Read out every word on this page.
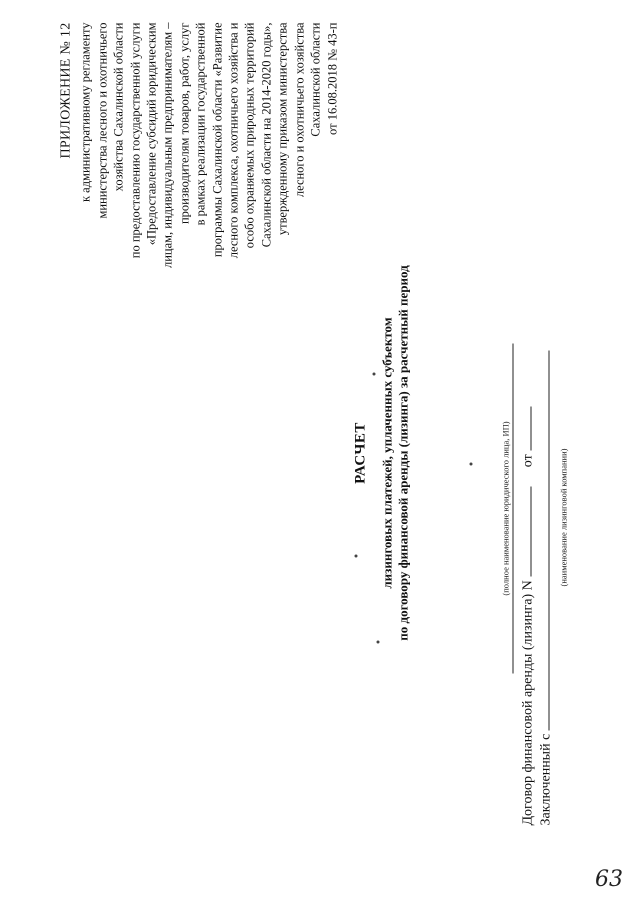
63
ПРИЛОЖЕНИЕ № 12 к административному регламенту министерства лесного и охотничьего хозяйства Сахалинской области по предоставлению государственной услуги «Предоставление субсидий юридическим лицам, индивидуальным предпринимателям – производителям товаров, работ, услуг в рамках реализации государственной программы Сахалинской области «Развитие лесного комплекса, охотничьего хозяйства и особо охраняемых природных территорий Сахалинской области на 2014-2020 годы», утвержденному приказом министерства лесного и охотничьего хозяйства Сахалинской области от 16.08.2018 № 43-п
РАСЧЕТ лизинговых платежей, уплаченных субъектом по договору финансовой аренды (лизинга) за расчетный период	(полное наименование юридического лица, ИП)
Договор финансовой аренды (лизинга) N  от
Заключенный с
(наименование лизинговой компании)
